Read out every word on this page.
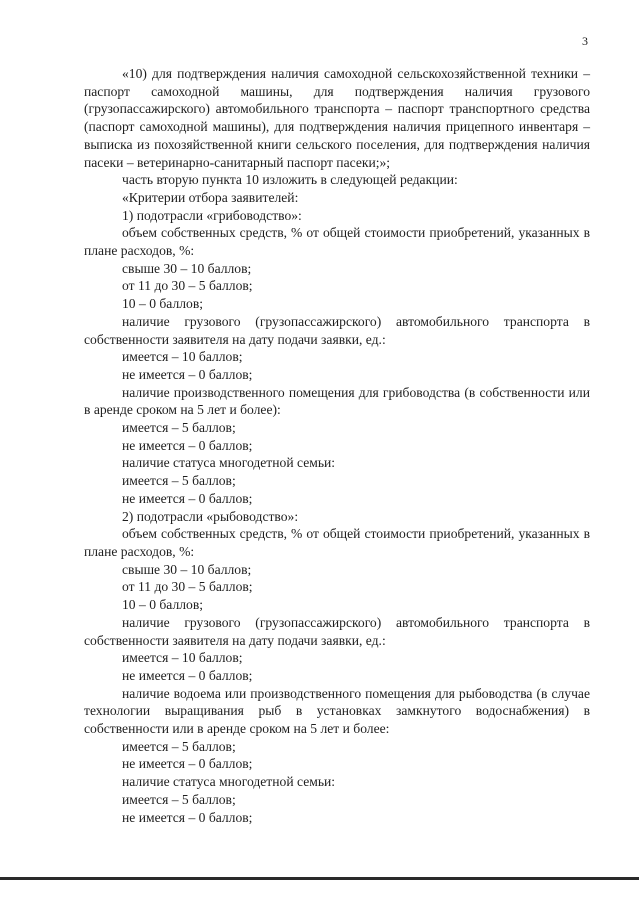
3

«10) для подтверждения наличия самоходной сельскохозяйственной техники – паспорт самоходной машины, для подтверждения наличия грузового (грузопассажирского) автомобильного транспорта – паспорт транспортного средства (паспорт самоходной машины), для подтверждения наличия прицепного инвентаря – выписка из похозяйственной книги сельского поселения, для подтверждения наличия пасеки – ветеринарно-санитарный паспорт пасеки;»;

часть вторую пункта 10 изложить в следующей редакции:

«Критерии отбора заявителей:

1) подотрасли «грибоводство»:

объем собственных средств, % от общей стоимости приобретений, указанных в плане расходов, %:

свыше 30 – 10 баллов;

от 11 до 30 – 5 баллов;

10 – 0 баллов;

наличие грузового (грузопассажирского) автомобильного транспорта в собственности заявителя на дату подачи заявки, ед.:

имеется – 10 баллов;

не имеется – 0 баллов;

наличие производственного помещения для грибоводства (в собственности или в аренде сроком на 5 лет и более):

имеется – 5 баллов;

не имеется – 0 баллов;

наличие статуса многодетной семьи:

имеется – 5 баллов;

не имеется – 0 баллов;

2) подотрасли «рыбоводство»:

объем собственных средств, % от общей стоимости приобретений, указанных в плане расходов, %:

свыше 30 – 10 баллов;

от 11 до 30 – 5 баллов;

10 – 0 баллов;

наличие грузового (грузопассажирского) автомобильного транспорта в собственности заявителя на дату подачи заявки, ед.:

имеется – 10 баллов;

не имеется – 0 баллов;

наличие водоема или производственного помещения для рыбоводства (в случае технологии выращивания рыб в установках замкнутого водоснабжения) в собственности или в аренде сроком на 5 лет и более:

имеется – 5 баллов;

не имеется – 0 баллов;

наличие статуса многодетной семьи:

имеется – 5 баллов;

не имеется – 0 баллов;
